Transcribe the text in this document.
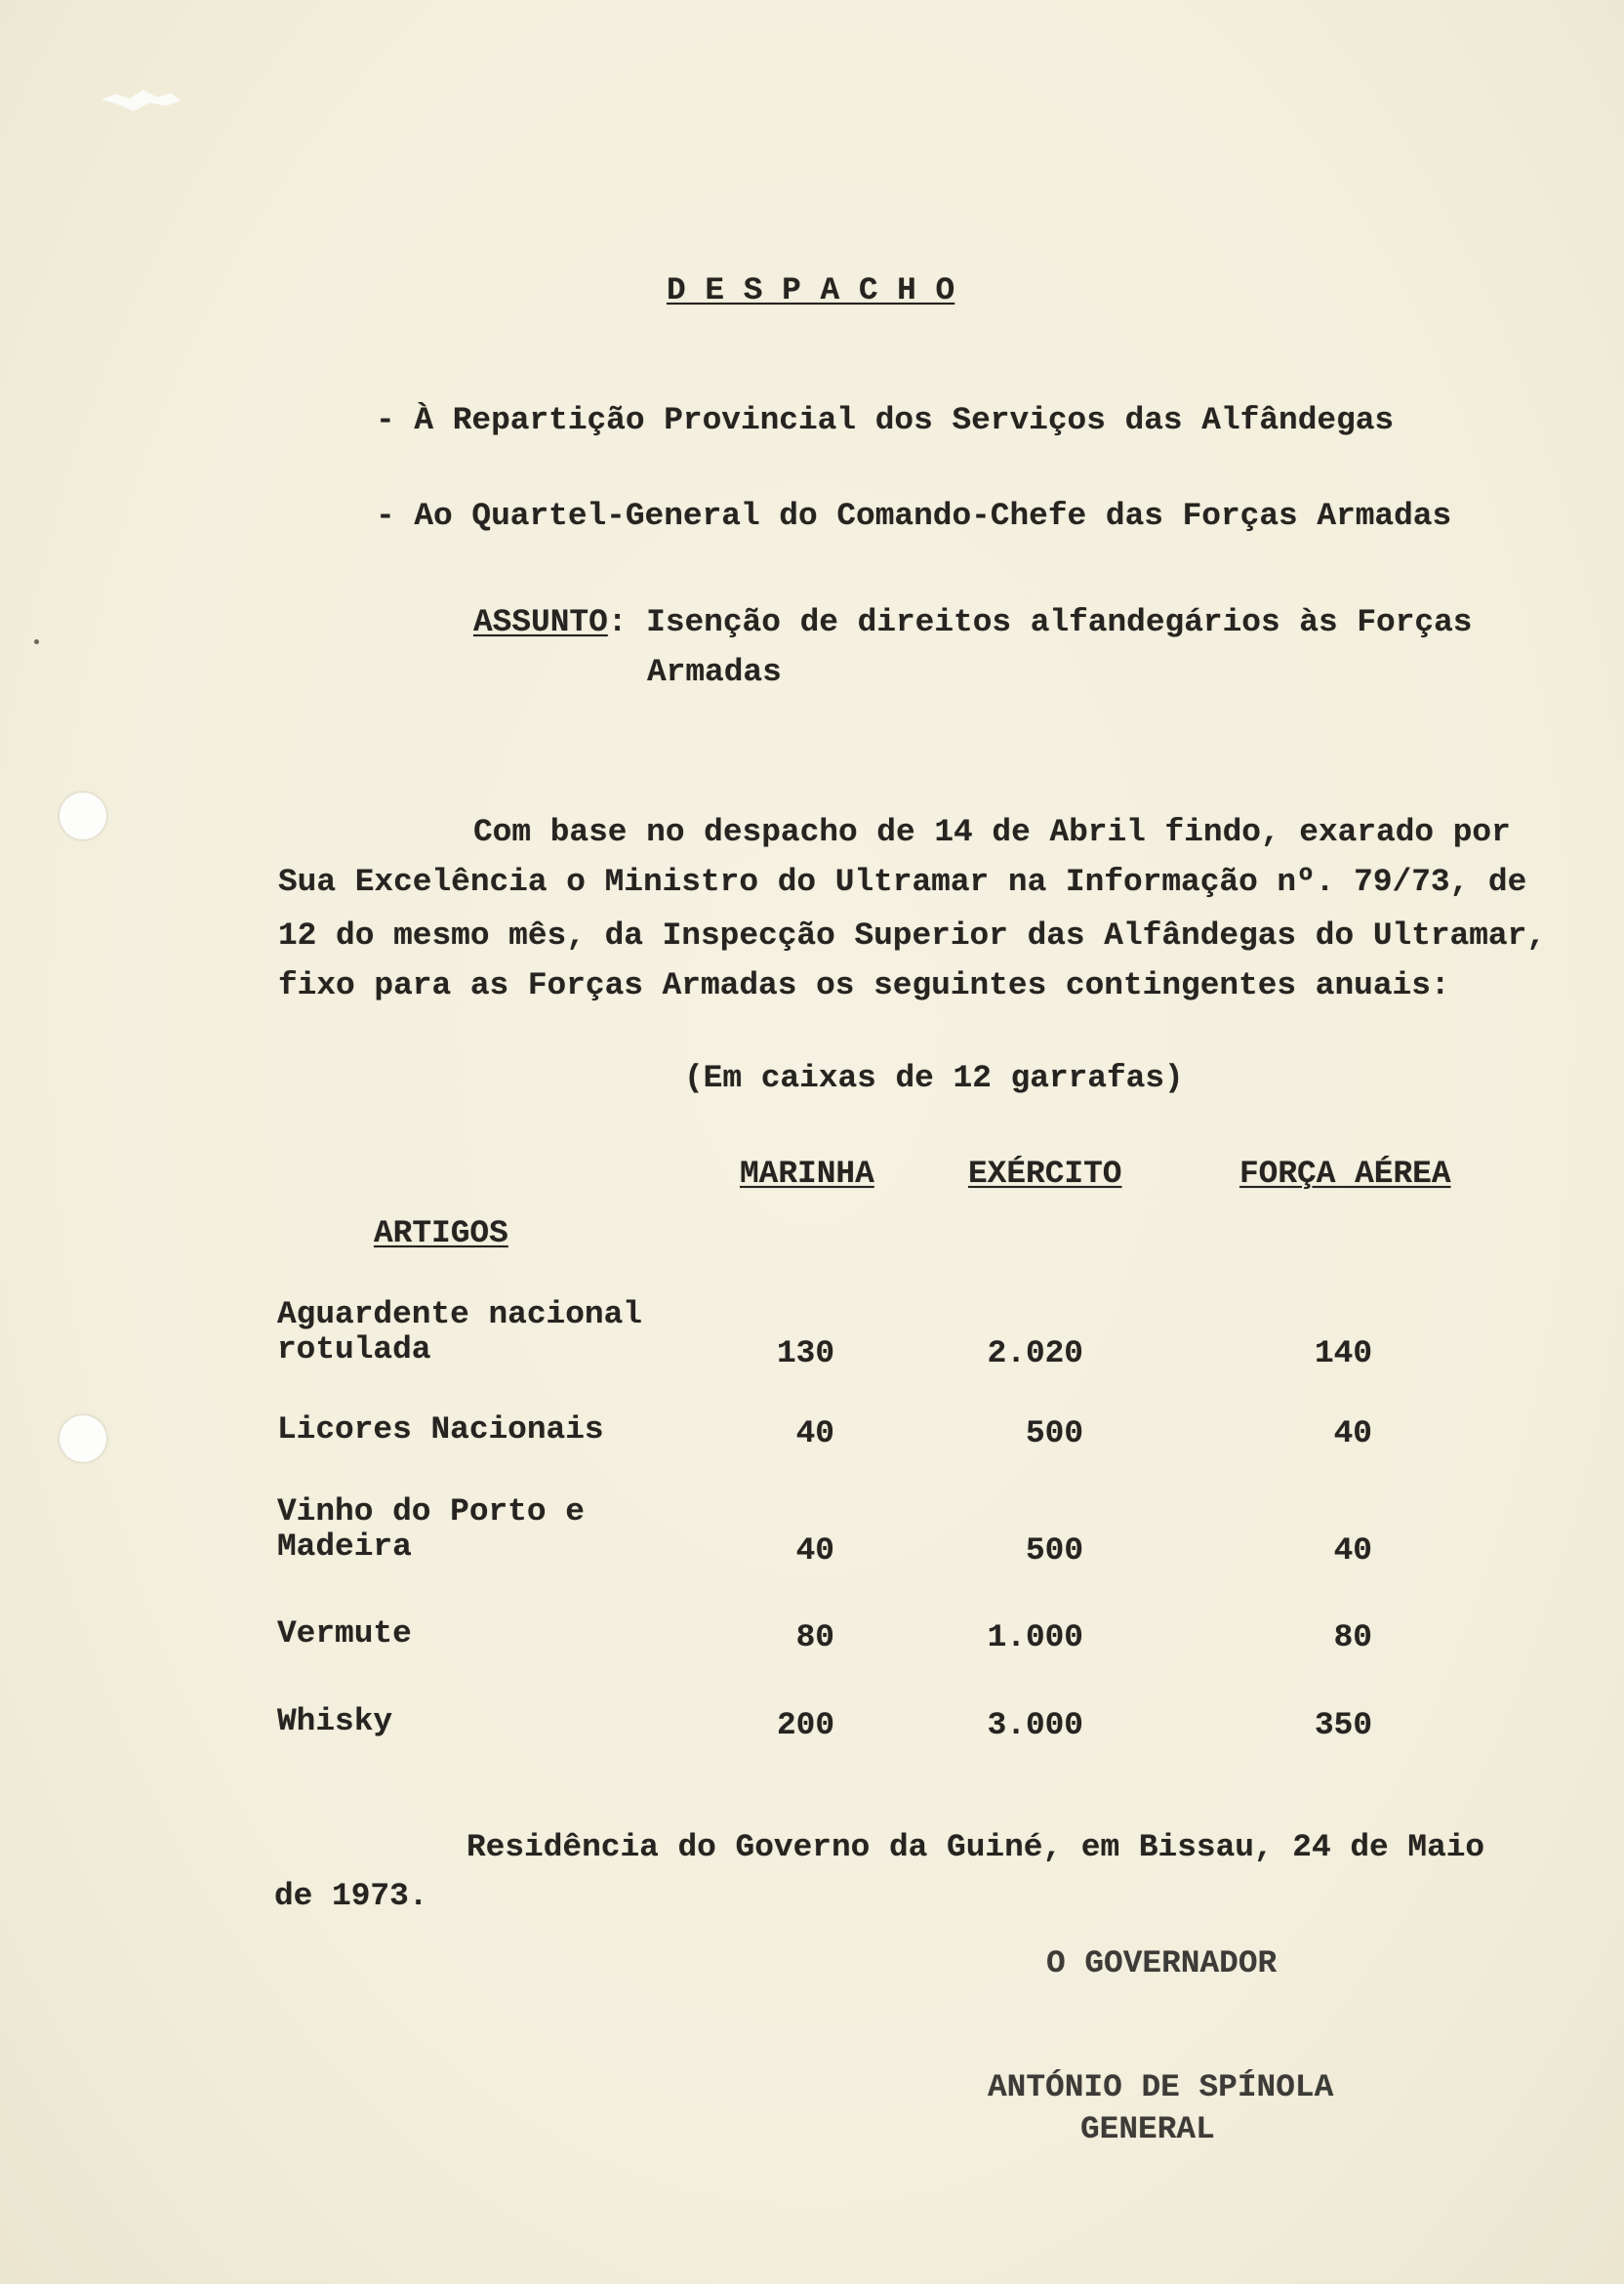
D E S P A C H O
- À Repartição Provincial dos Serviços das Alfândegas
- Ao Quartel-General do Comando-Chefe das Forças Armadas
ASSUNTO: Isenção de direitos alfandegários às Forças
Armadas
Com base no despacho de 14 de Abril findo, exarado por
Sua Excelência o Ministro do Ultramar na Informação nº. 79/73, de
12 do mesmo mês, da Inspecção Superior das Alfândegas do Ultramar,
fixo para as Forças Armadas os seguintes contingentes anuais:
(Em caixas de 12 garrafas)
MARINHA	EXÉRCITO	FORÇA AÉREA
ARTIGOS
Aguardente nacional
rotulada	130	2.020	140
Licores Nacionais	40	500	40
Vinho do Porto e
Madeira	40	500	40
Vermute	80	1.000	80
Whisky	200	3.000	350
Residência do Governo da Guiné, em Bissau, 24 de Maio
de 1973.
O GOVERNADOR
ANTÓNIO DE SPÍNOLA
GENERAL
